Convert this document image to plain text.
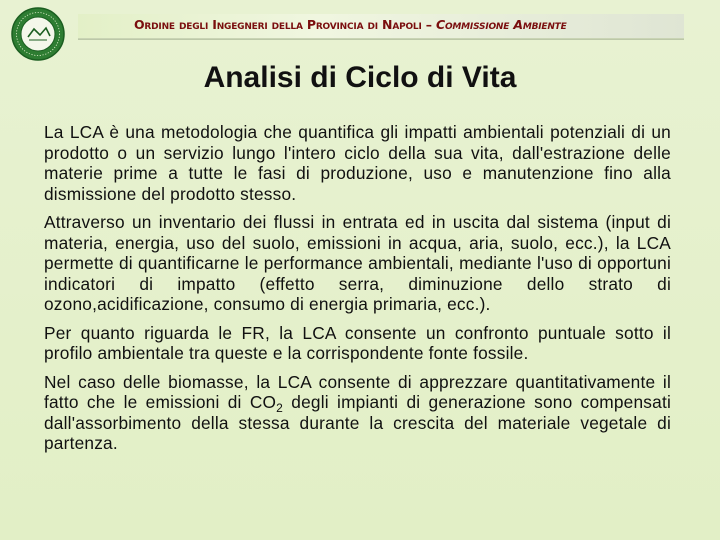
Ordine degli Ingegneri della Provincia di Napoli – Commissione Ambiente
Analisi di Ciclo di Vita

La LCA è una metodologia che quantifica gli impatti ambientali potenziali di un prodotto o un servizio lungo l'intero ciclo della sua vita, dall'estrazione delle materie prime a tutte le fasi di produzione, uso e manutenzione fino alla dismissione del prodotto stesso.

Attraverso un inventario dei flussi in entrata ed in uscita dal sistema (input di materia, energia, uso del suolo, emissioni in acqua, aria, suolo, ecc.), la LCA permette di quantificarne le performance ambientali, mediante l'uso di opportuni indicatori di impatto (effetto serra, diminuzione dello strato di ozono,acidificazione, consumo di energia primaria, ecc.).

Per quanto riguarda le FR, la LCA consente un confronto puntuale sotto il profilo ambientale tra queste e la corrispondente fonte fossile.

Nel caso delle biomasse, la LCA consente di apprezzare quantitativamente il fatto che le emissioni di $CO_2$ degli impianti di generazione sono compensati dall'assorbimento della stessa durante la crescita del materiale vegetale di partenza.
